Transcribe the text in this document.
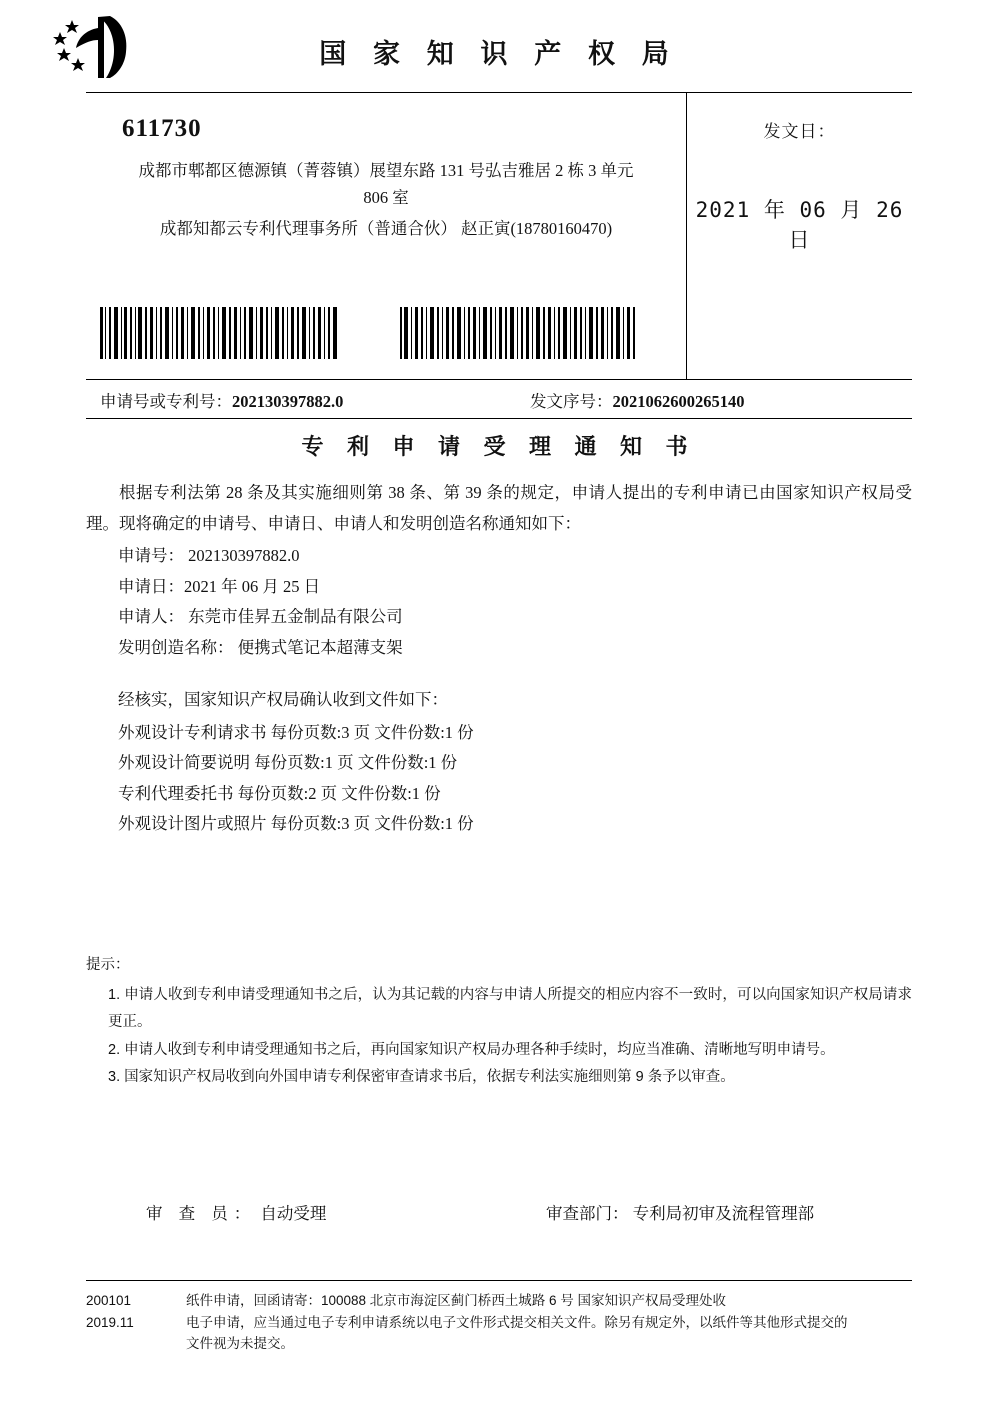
国 家 知 识 产 权 局
611730
成都市郫都区德源镇（菁蓉镇）展望东路 131 号弘吉雅居 2 栋 3 单元
806 室
成都知都云专利代理事务所（普通合伙） 赵正寅(18780160470)
发文日：
2021 年 06 月 26 日
申请号或专利号：202130397882.0	发文序号：2021062600265140
专 利 申 请 受 理 通 知 书
根据专利法第 28 条及其实施细则第 38 条、第 39 条的规定，申请人提出的专利申请已由国家知识产权局受理。现将确定的申请号、申请日、申请人和发明创造名称通知如下：
申请号： 202130397882.0
申请日：2021 年 06 月 25 日
申请人： 东莞市佳昇五金制品有限公司
发明创造名称： 便携式笔记本超薄支架
经核实，国家知识产权局确认收到文件如下：
外观设计专利请求书 每份页数:3 页 文件份数:1 份
外观设计简要说明 每份页数:1 页 文件份数:1 份
专利代理委托书 每份页数:2 页 文件份数:1 份
外观设计图片或照片 每份页数:3 页 文件份数:1 份
提示：
1. 申请人收到专利申请受理通知书之后，认为其记载的内容与申请人所提交的相应内容不一致时，可以向国家知识产权局请求更正。
2. 申请人收到专利申请受理通知书之后，再向国家知识产权局办理各种手续时，均应当准确、清晰地写明申请号。
3. 国家知识产权局收到向外国申请专利保密审查请求书后，依据专利法实施细则第 9 条予以审查。
审 查 员： 自动受理	审查部门： 专利局初审及流程管理部
200101
2019.11
纸件申请，回函请寄：100088 北京市海淀区蓟门桥西土城路 6 号 国家知识产权局受理处收
电子申请，应当通过电子专利申请系统以电子文件形式提交相关文件。除另有规定外，以纸件等其他形式提交的
文件视为未提交。
